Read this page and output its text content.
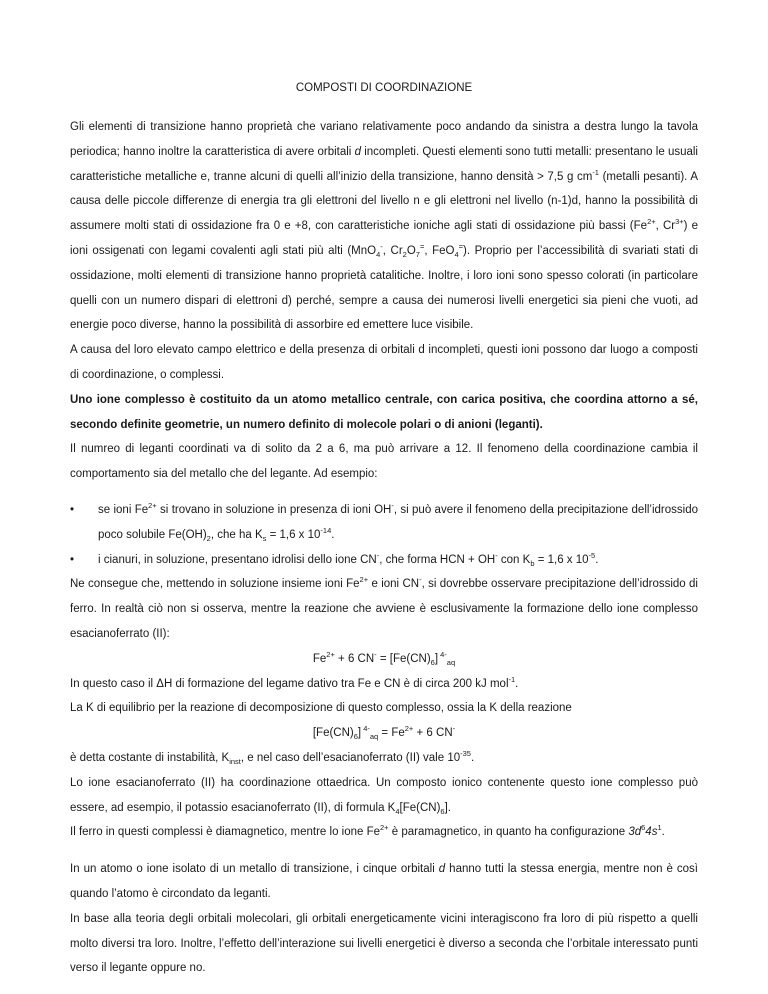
COMPOSTI DI COORDINAZIONE

Gli elementi di transizione hanno proprietà che variano relativamente poco andando da sinistra a destra lungo la tavola periodica; hanno inoltre la caratteristica di avere orbitali d incompleti. Questi elementi sono tutti metalli: presentano le usuali caratteristiche metalliche e, tranne alcuni di quelli all’inizio della transizione, hanno densità > 7,5 g $cm^{-1}$ (metalli pesanti). A causa delle piccole differenze di energia tra gli elettroni del livello n e gli elettroni nel livello (n-1)d, hanno la possibilità di assumere molti stati di ossidazione fra 0 e +8, con caratteristiche ioniche agli stati di ossidazione più bassi ($Fe^{2+}$, $Cr^{3+}$) e ioni ossigenati con legami covalenti agli stati più alti (MnO$_4$-, $Cr_2O_7^=$, FeO$_4$=). Proprio per l’accessibilità di svariati stati di ossidazione, molti elementi di transizione hanno proprietà catalitiche. Inoltre, i loro ioni sono spesso colorati (in particolare quelli con un numero dispari di elettroni d) perché, sempre a causa dei numerosi livelli energetici sia pieni che vuoti, ad energie poco diverse, hanno la possibilità di assorbire ed emettere luce visibile.

A causa del loro elevato campo elettrico e della presenza di orbitali d incompleti, questi ioni possono dar luogo a composti di coordinazione, o complessi.

Uno ione complesso è costituito da un atomo metallico centrale, con carica positiva, che coordina attorno a sé, secondo definite geometrie, un numero definito di molecole polari o di anioni (leganti).

Il numreo di leganti coordinati va di solito da 2 a 6, ma può arrivare a 12. Il fenomeno della coordinazione cambia il comportamento sia del metallo che del legante. Ad esempio:

• se ioni $Fe^{2+}$ si trovano in soluzione in presenza di ioni OH-, si può avere il fenomeno della precipitazione dell’idrossido poco solubile $Fe(OH)_2$, che ha $K_s = 1,6$ x $10^{-14}$.
• i cianuri, in soluzione, presentano idrolisi dello ione CN-, che forma HCN + OH- con $K_b = 1,6$ x $10^{-5}$.

Ne consegue che, mettendo in soluzione insieme ioni $Fe^{2+}$ e ioni CN-, si dovrebbe osservare precipitazione dell’idrossido di ferro. In realtà ciò non si osserva, mentre la reazione che avviene è esclusivamente la formazione dello ione complesso esacianoferrato (II):

$Fe^{2+} + 6$ $CN^- = [Fe(CN)_6]$ $^{4-}_{aq}$

In questo caso il ΔH di formazione del legame dativo tra Fe e CN è di circa 200 kJ mol$^{-1}$.

La K di equilibrio per la reazione di decomposizione di questo complesso, ossia la K della reazione

$[Fe(CN)_6] ^{4-}_{aq} = Fe^{2+} + 6$ CN-

è detta costante di instabilità, $K_{inst}$, e nel caso dell’esacianoferrato (II) vale $10^{-35}$.

Lo ione esacianoferrato (II) ha coordinazione ottaedrica. Un composto ionico contenente questo ione complesso può essere, ad esempio, il potassio esacianoferrato (II), di formula $K_4[Fe(CN)_6]$.

Il ferro in questi complessi è diamagnetico, mentre lo ione $Fe^{2+}$ è paramagnetico, in quanto ha configurazione $3d^64s^1$.

In un atomo o ione isolato di un metallo di transizione, i cinque orbitali d hanno tutti la stessa energia, mentre non è così quando l’atomo è circondato da leganti.

In base alla teoria degli orbitali molecolari, gli orbitali energeticamente vicini interagiscono fra loro di più rispetto a quelli molto diversi tra loro. Inoltre, l’effetto dell’interazione sui livelli energetici è diverso a seconda che l’orbitale interessato punti verso il legante oppure no.
